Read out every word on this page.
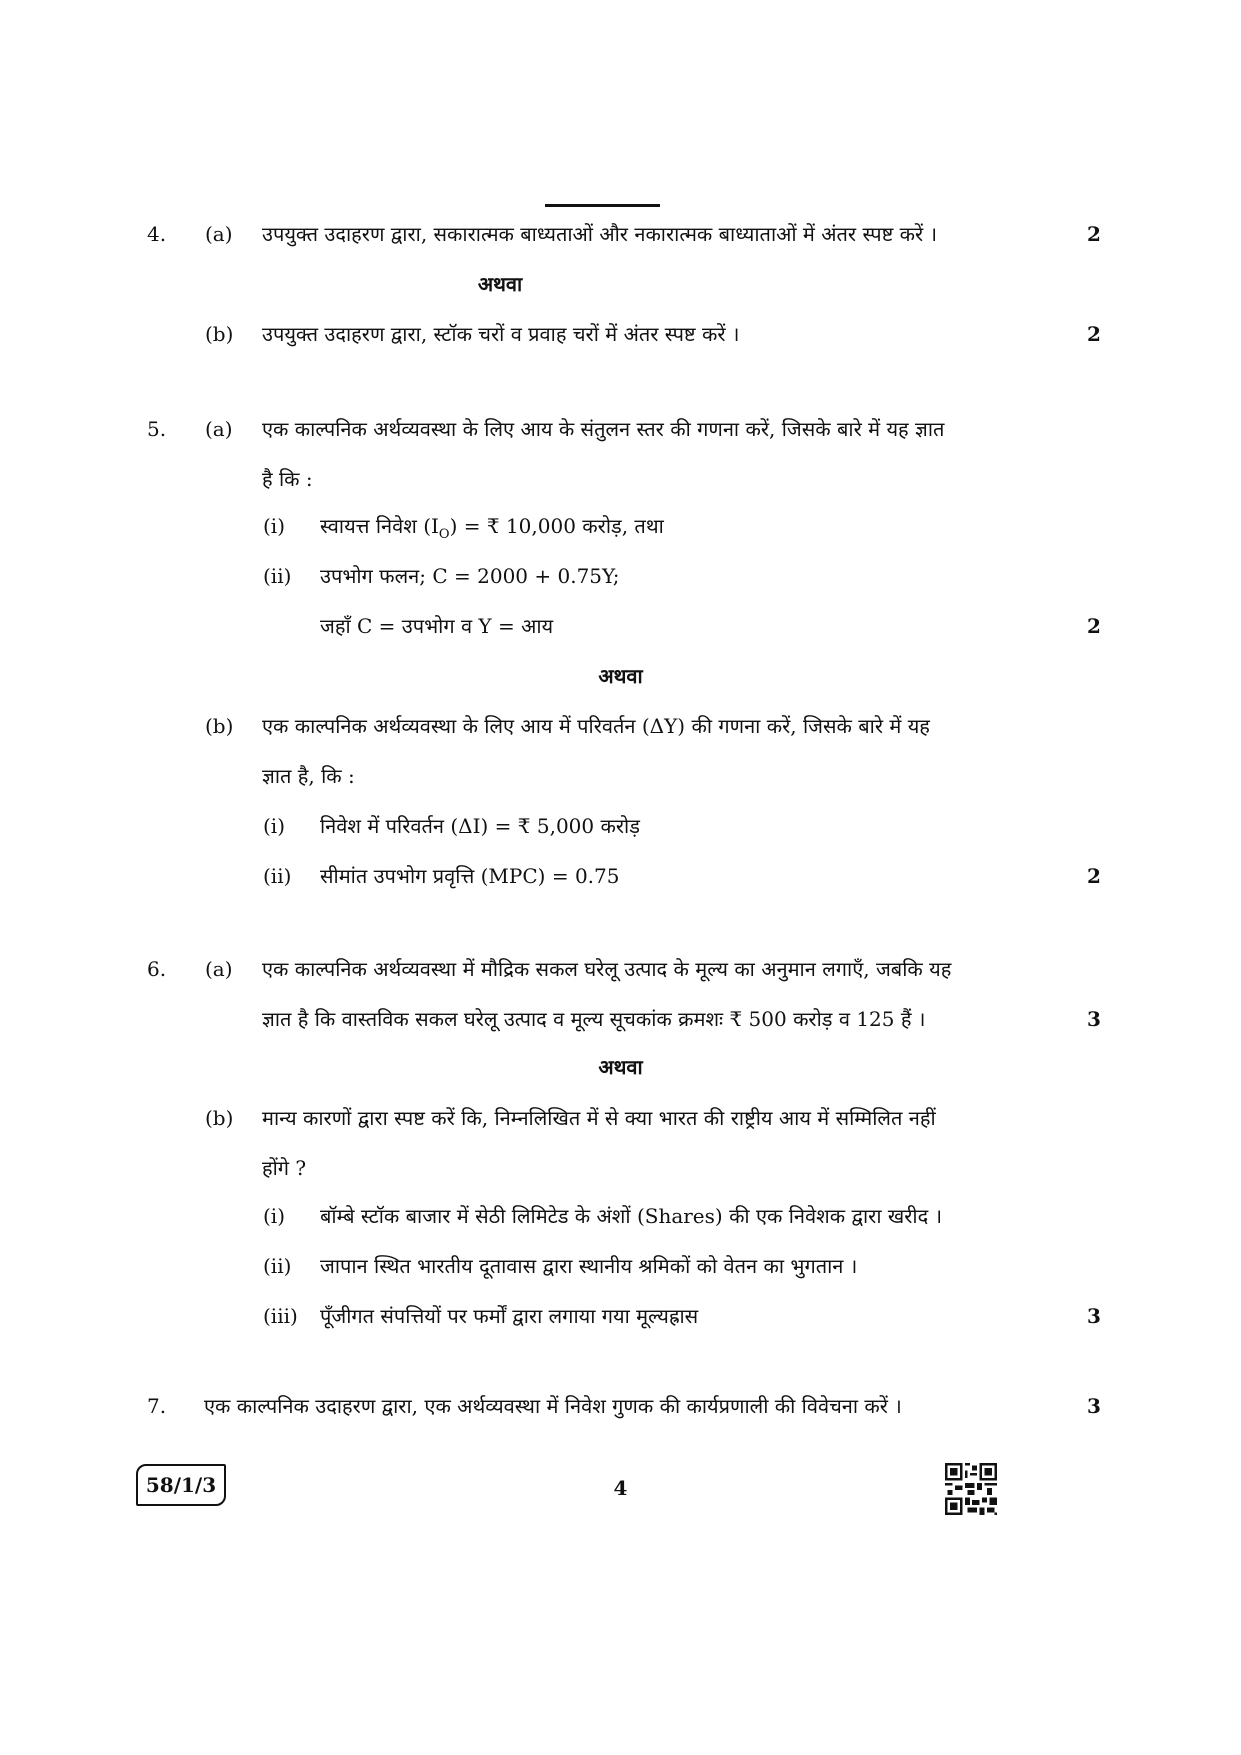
4. (a) उपयुक्त उदाहरण द्वारा, सकारात्मक बाध्यताओं और नकारात्मक बाध्याताओं में अंतर स्पष्ट करें ।	2
अथवा
(b) उपयुक्त उदाहरण द्वारा, स्टॉक चरों व प्रवाह चरों में अंतर स्पष्ट करें ।	2
5. (a) एक काल्पनिक अर्थव्यवस्था के लिए आय के संतुलन स्तर की गणना करें, जिसके बारे में यह ज्ञात
है कि :
(i) स्वायत्त निवेश $(I_O)$ = ₹ 10,000 करोड़, तथा
(ii) उपभोग फलन; C = 2000 + 0.75Y;
जहाँ C = उपभोग व Y = आय	2
अथवा
(b) एक काल्पनिक अर्थव्यवस्था के लिए आय में परिवर्तन (ΔY) की गणना करें, जिसके बारे में यह
ज्ञात है, कि :
(i) निवेश में परिवर्तन (ΔI) = ₹ 5,000 करोड़
(ii) सीमांत उपभोग प्रवृत्ति (MPC) = 0.75	2
6. (a) एक काल्पनिक अर्थव्यवस्था में मौद्रिक सकल घरेलू उत्पाद के मूल्य का अनुमान लगाएँ, जबकि यह
ज्ञात है कि वास्तविक सकल घरेलू उत्पाद व मूल्य सूचकांक क्रमशः ₹ 500 करोड़ व 125 हैं ।	3
अथवा
(b) मान्य कारणों द्वारा स्पष्ट करें कि, निम्नलिखित में से क्या भारत की राष्ट्रीय आय में सम्मिलित नहीं
होंगे ?
(i) बॉम्बे स्टॉक बाजार में सेठी लिमिटेड के अंशों (Shares) की एक निवेशक द्वारा खरीद ।
(ii) जापान स्थित भारतीय दूतावास द्वारा स्थानीय श्रमिकों को वेतन का भुगतान ।
(iii) पूँजीगत संपत्तियों पर फर्मों द्वारा लगाया गया मूल्यह्रास	3
7. एक काल्पनिक उदाहरण द्वारा, एक अर्थव्यवस्था में निवेश गुणक की कार्यप्रणाली की विवेचना करें ।	3
58/1/3	4
